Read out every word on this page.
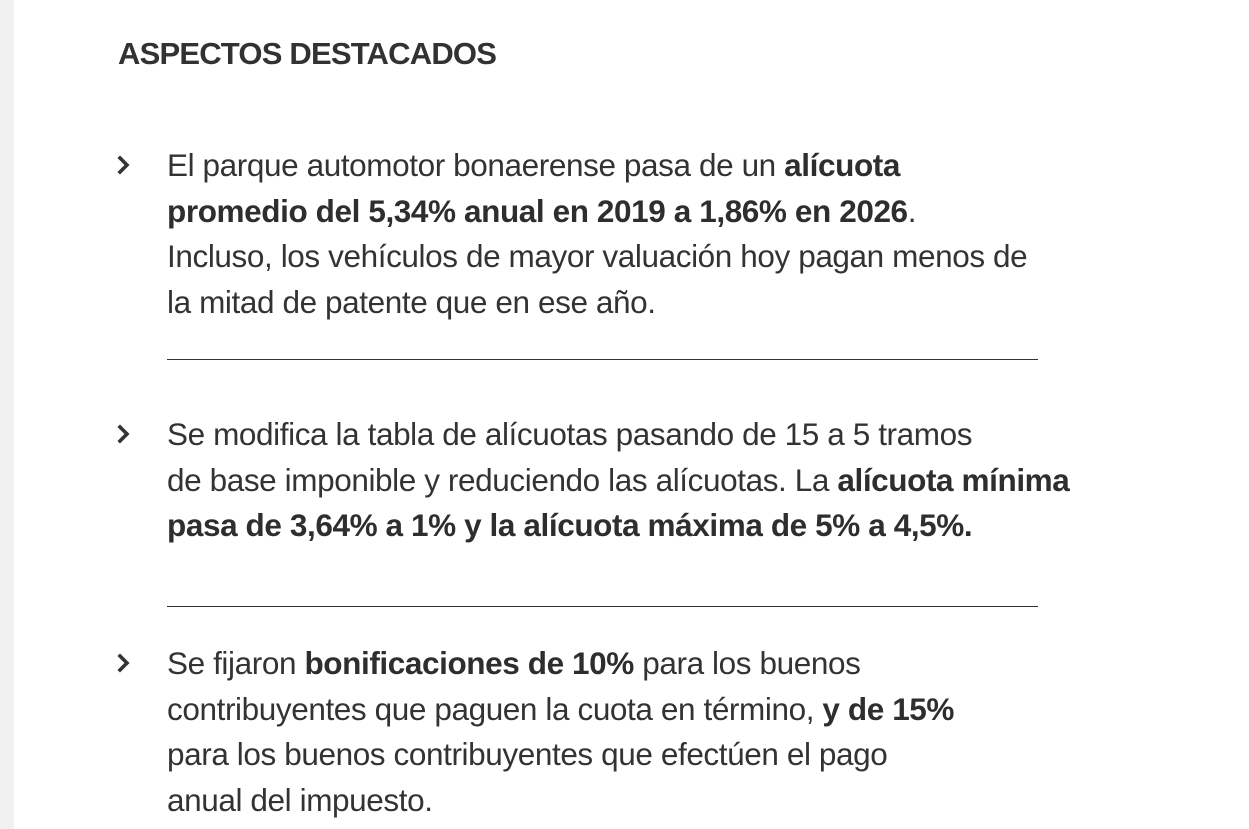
ASPECTOS DESTACADOS

El parque automotor bonaerense pasa de un alícuota
promedio del 5,34% anual en 2019 a 1,86% en 2026.
Incluso, los vehículos de mayor valuación hoy pagan menos de
la mitad de patente que en ese año.

Se modifica la tabla de alícuotas pasando de 15 a 5 tramos
de base imponible y reduciendo las alícuotas. La alícuota mínima
pasa de 3,64% a 1% y la alícuota máxima de 5% a 4,5%.

Se fijaron bonificaciones de 10% para los buenos
contribuyentes que paguen la cuota en término, y de 15%
para los buenos contribuyentes que efectúen el pago
anual del impuesto.
